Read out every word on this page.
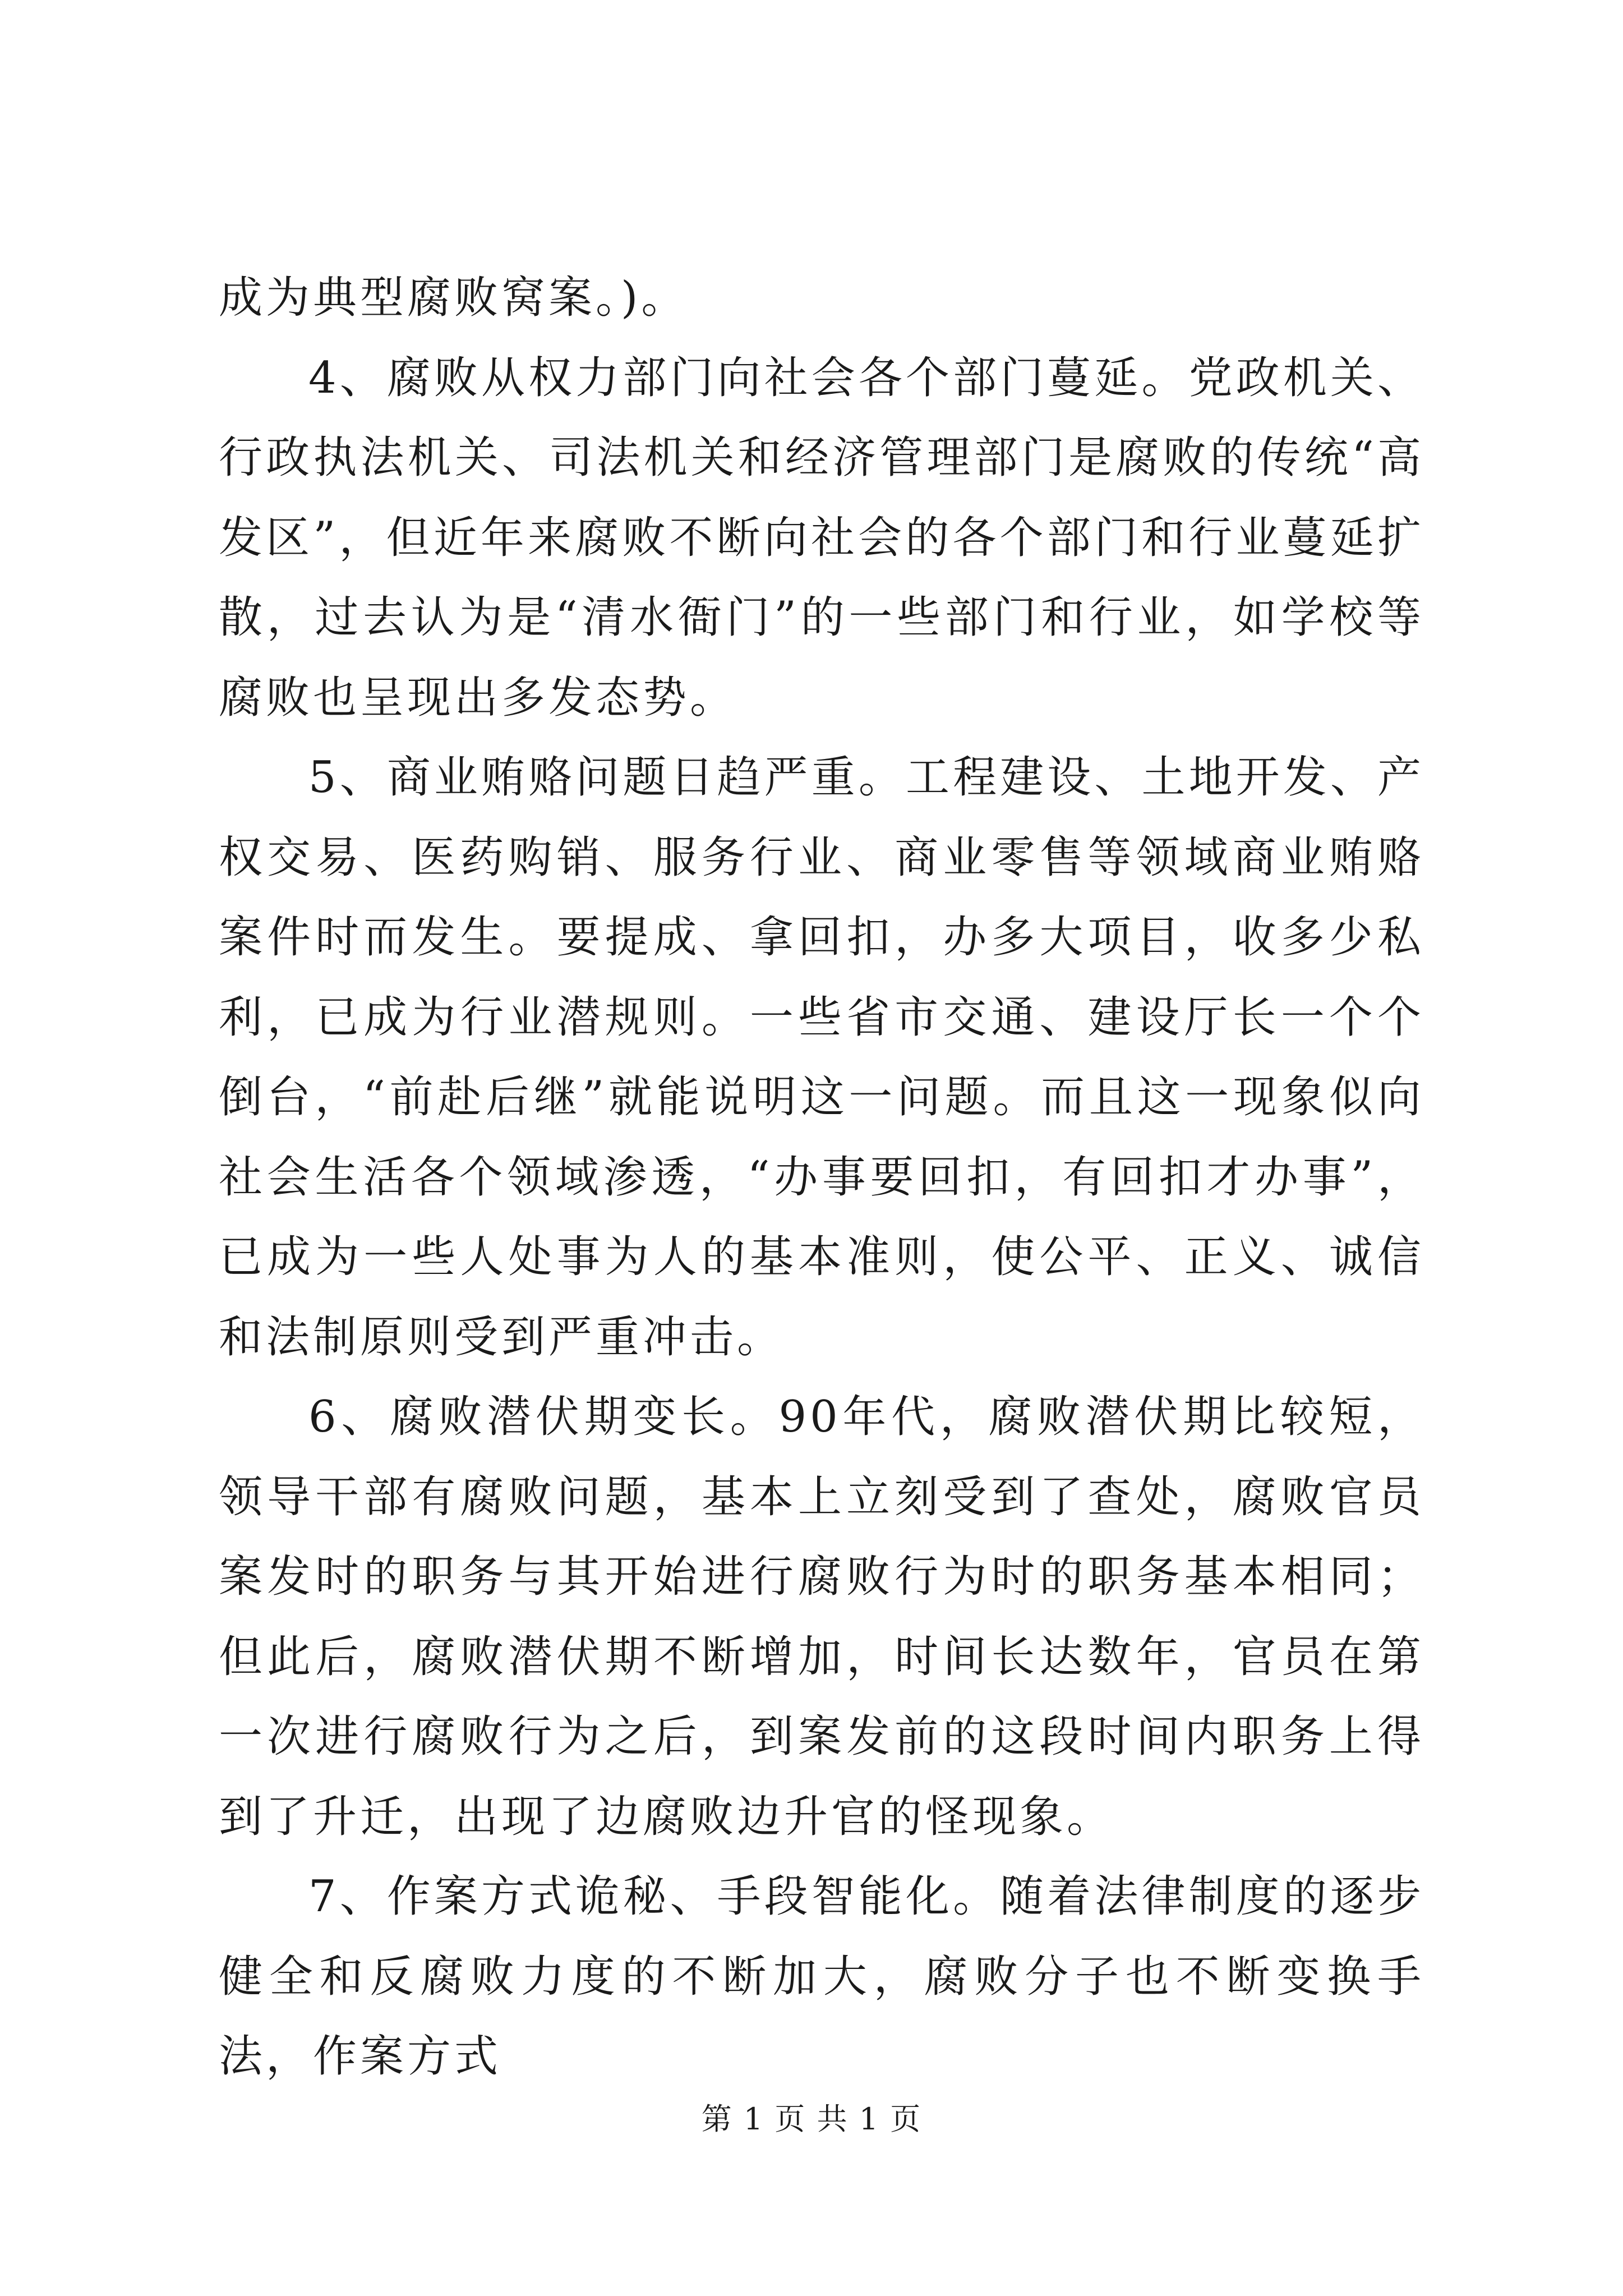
成为典型腐败窝案。)。

4、腐败从权力部门向社会各个部门蔓延。党政机关、行政执法机关、司法机关和经济管理部门是腐败的传统“高发区”，但近年来腐败不断向社会的各个部门和行业蔓延扩散，过去认为是“清水衙门”的一些部门和行业，如学校等腐败也呈现出多发态势。

5、商业贿赂问题日趋严重。工程建设、土地开发、产权交易、医药购销、服务行业、商业零售等领域商业贿赂案件时而发生。要提成、拿回扣，办多大项目，收多少私利，已成为行业潜规则。一些省市交通、建设厅长一个个倒台，“前赴后继”就能说明这一问题。而且这一现象似向社会生活各个领域渗透，“办事要回扣，有回扣才办事”，已成为一些人处事为人的基本准则，使公平、正义、诚信和法制原则受到严重冲击。

6、腐败潜伏期变长。90年代，腐败潜伏期比较短，领导干部有腐败问题，基本上立刻受到了查处，腐败官员案发时的职务与其开始进行腐败行为时的职务基本相同；但此后，腐败潜伏期不断增加，时间长达数年，官员在第一次进行腐败行为之后，到案发前的这段时间内职务上得到了升迁，出现了边腐败边升官的怪现象。

7、作案方式诡秘、手段智能化。随着法律制度的逐步健全和反腐败力度的不断加大，腐败分子也不断变换手法，作案方式

第 1 页 共 1 页
